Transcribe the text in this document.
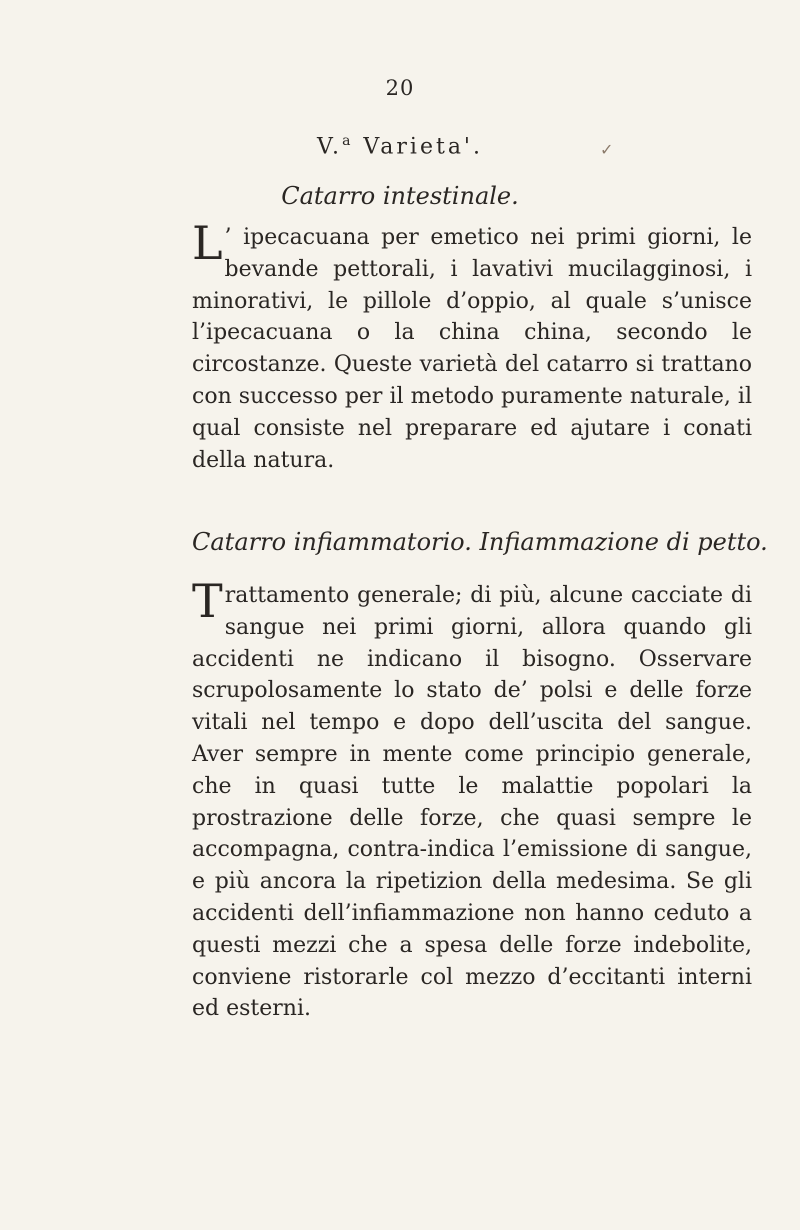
20
V.$^a$ Varieta'.	✓
Catarro intestinale.

L ’ ipecacuana per emetico nei primi giorni, le bevande pettorali, i lavativi mucilagginosi, i minorativi, le pillole d’oppio, al quale s’unisce l’ipecacuana o la china china, secondo le circostanze. Queste varietà del catarro si trattano con successo per il metodo puramente naturale, il qual consiste nel preparare ed ajutare i conati della natura.

Catarro infiammatorio. Infiammazione di petto.

Trattamento generale; di più, alcune cacciate di sangue nei primi giorni, allora quando gli accidenti ne indicano il bisogno. Osservare scrupolosamente lo stato de’ polsi e delle forze vitali nel tempo e dopo dell’uscita del sangue. Aver sempre in mente come principio generale, che in quasi tutte le malattie popolari la prostrazione delle forze, che quasi sempre le accompagna, contra-indica l’emissione di sangue, e più ancora la ripetizion della medesima. Se gli accidenti dell’infiammazione non hanno ceduto a questi mezzi che a spesa delle forze indebolite, conviene ristorarle col mezzo d’eccitanti interni ed esterni.
